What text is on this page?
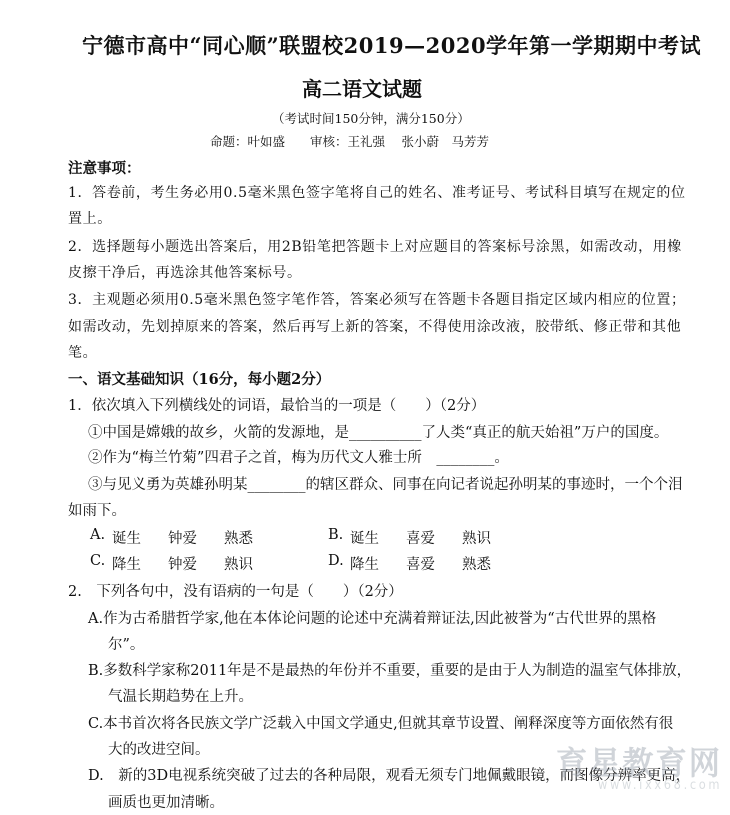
宁德市高中“同心顺”联盟校2019—2020学年第一学期期中考试
高二语文试题
（考试时间150分钟，满分150分）
命题：叶如盛　　审核：王礼强　 张小蔚　马芳芳
注意事项：
1．答卷前，考生务必用0.5毫米黑色签字笔将自己的姓名、准考证号、考试科目填写在规定的位
置上。
2．选择题每小题选出答案后，用2B铅笔把答题卡上对应题目的答案标号涂黑，如需改动，用橡
皮擦干净后，再选涂其他答案标号。
3．主观题必须用0.5毫米黑色签字笔作答，答案必须写在答题卡各题目指定区域内相应的位置；
如需改动，先划掉原来的答案，然后再写上新的答案，不得使用涂改液，胶带纸、修正带和其他
笔。
一、语文基础知识（16分，每小题2分）
1．依次填入下列横线处的词语，最恰当的一项是（　　）（2分）
①中国是嫦娥的故乡，火箭的发源地，是__________了人类“真正的航天始祖”万户的国度。
②作为“梅兰竹菊”四君子之首，梅为历代文人雅士所　________。
③与见义勇为英雄孙明某________的辖区群众、同事在向记者说起孙明某的事迹时，一个个泪
如雨下。
A. 诞生 钟爱 熟悉	B. 诞生 喜爱 熟识
C. 降生 钟爱 熟识	D. 降生 喜爱 熟悉
2.　下列各句中，没有语病的一句是（　　）（2分）
A.作为古希腊哲学家,他在本体论问题的论述中充满着辩证法,因此被誉为“古代世界的黑格
尔”。
B.多数科学家称2011年是不是最热的年份并不重要，重要的是由于人为制造的温室气体排放，
气温长期趋势在上升。
C.本书首次将各民族文学广泛载入中国文学通史,但就其章节设置、阐释深度等方面依然有很
大的改进空间。
D.　新的3D电视系统突破了过去的各种局限，观看无须专门地佩戴眼镜，而图像分辨率更高，
画质也更加清晰。
育星教育网
www.ixx68.com
